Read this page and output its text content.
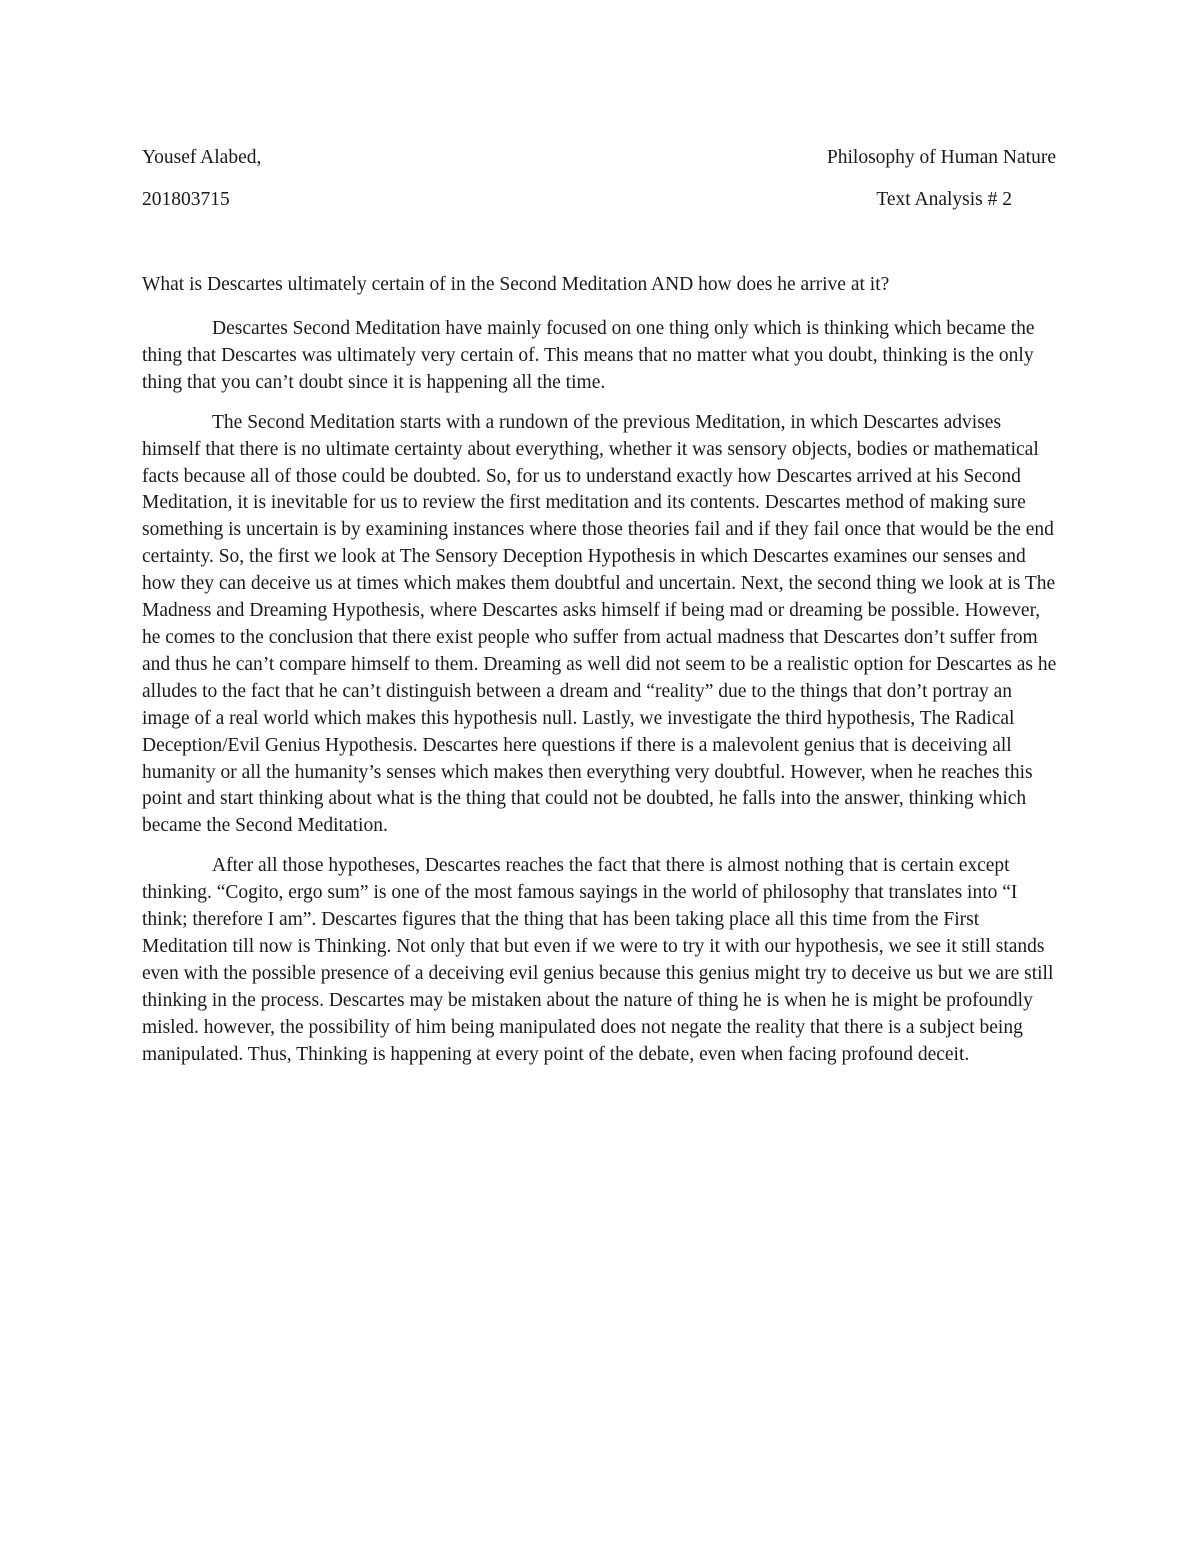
Yousef Alabed,	Philosophy of Human Nature
201803715	Text Analysis # 2
What is Descartes ultimately certain of in the Second Meditation AND how does he arrive at it?

Descartes Second Meditation have mainly focused on one thing only which is thinking which became the thing that Descartes was ultimately very certain of. This means that no matter what you doubt, thinking is the only thing that you can’t doubt since it is happening all the time.

The Second Meditation starts with a rundown of the previous Meditation, in which Descartes advises himself that there is no ultimate certainty about everything, whether it was sensory objects, bodies or mathematical facts because all of those could be doubted. So, for us to understand exactly how Descartes arrived at his Second Meditation, it is inevitable for us to review the first meditation and its contents. Descartes method of making sure something is uncertain is by examining instances where those theories fail and if they fail once that would be the end certainty. So, the first we look at The Sensory Deception Hypothesis in which Descartes examines our senses and how they can deceive us at times which makes them doubtful and uncertain. Next, the second thing we look at is The Madness and Dreaming Hypothesis, where Descartes asks himself if being mad or dreaming be possible. However, he comes to the conclusion that there exist people who suffer from actual madness that Descartes don’t suffer from and thus he can’t compare himself to them. Dreaming as well did not seem to be a realistic option for Descartes as he alludes to the fact that he can’t distinguish between a dream and “reality” due to the things that don’t portray an image of a real world which makes this hypothesis null. Lastly, we investigate the third hypothesis, The Radical Deception/Evil Genius Hypothesis. Descartes here questions if there is a malevolent genius that is deceiving all humanity or all the humanity’s senses which makes then everything very doubtful. However, when he reaches this point and start thinking about what is the thing that could not be doubted, he falls into the answer, thinking which became the Second Meditation.

After all those hypotheses, Descartes reaches the fact that there is almost nothing that is certain except thinking. “Cogito, ergo sum” is one of the most famous sayings in the world of philosophy that translates into “I think; therefore I am”. Descartes figures that the thing that has been taking place all this time from the First Meditation till now is Thinking. Not only that but even if we were to try it with our hypothesis, we see it still stands even with the possible presence of a deceiving evil genius because this genius might try to deceive us but we are still thinking in the process. Descartes may be mistaken about the nature of thing he is when he is might be profoundly misled. however, the possibility of him being manipulated does not negate the reality that there is a subject being manipulated. Thus, Thinking is happening at every point of the debate, even when facing profound deceit.
